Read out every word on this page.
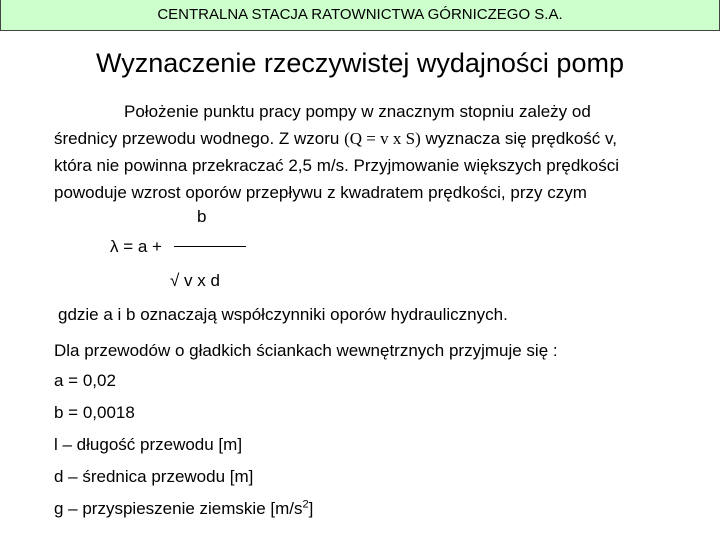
CENTRALNA STACJA RATOWNICTWA GÓRNICZEGO S.A.
Wyznaczenie rzeczywistej wydajności pomp
Położenie punktu pracy pompy w znacznym stopniu zależy od
średnicy przewodu wodnego. Z wzoru (Q = v x S) wyznacza się prędkość v,
która nie powinna przekraczać 2,5 m/s. Przyjmowanie większych prędkości
powoduje wzrost oporów przepływu z kwadratem prędkości, przy czym
b
λ = a +
√ v x d
gdzie a i b oznaczają współczynniki oporów hydraulicznych.
Dla przewodów o gładkich ściankach wewnętrznych przyjmuje się :
a = 0,02
b = 0,0018
l – długość przewodu [m]
d – średnica przewodu [m]
g – przyspieszenie ziemskie $[m/s^2]$
